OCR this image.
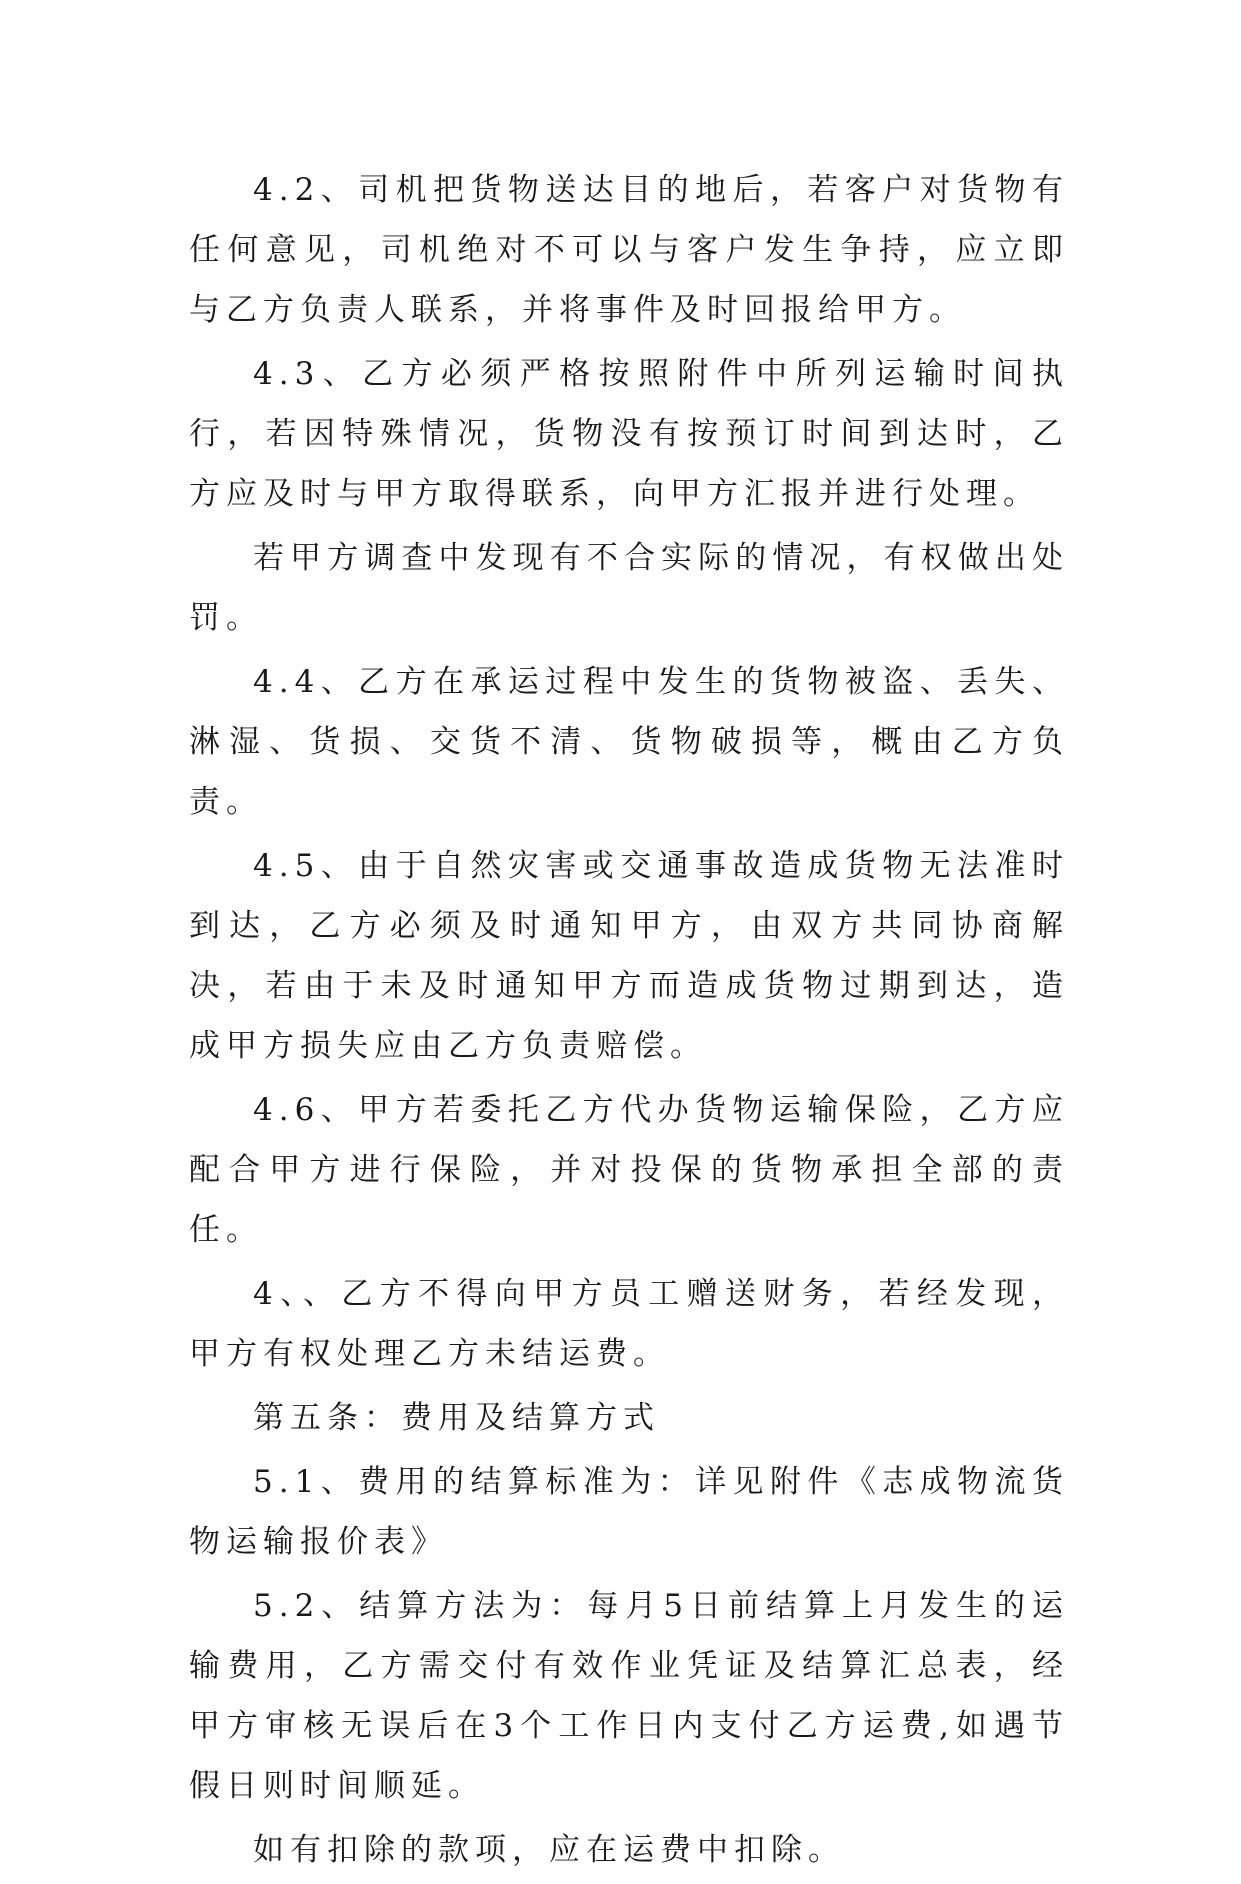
4.2、司机把货物送达目的地后，若客户对货物有任何意见，司机绝对不可以与客户发生争持，应立即与乙方负责人联系，并将事件及时回报给甲方。

4.3、乙方必须严格按照附件中所列运输时间执行，若因特殊情况，货物没有按预订时间到达时，乙方应及时与甲方取得联系，向甲方汇报并进行处理。

若甲方调查中发现有不合实际的情况，有权做出处罚。

4.4、乙方在承运过程中发生的货物被盗、丢失、淋湿、货损、交货不清、货物破损等，概由乙方负责。

4.5、由于自然灾害或交通事故造成货物无法准时到达，乙方必须及时通知甲方，由双方共同协商解决，若由于未及时通知甲方而造成货物过期到达，造成甲方损失应由乙方负责赔偿。

4.6、甲方若委托乙方代办货物运输保险，乙方应配合甲方进行保险，并对投保的货物承担全部的责任。

4、、乙方不得向甲方员工赠送财务，若经发现，甲方有权处理乙方未结运费。

第五条：费用及结算方式

5.1、费用的结算标准为：详见附件《志成物流货物运输报价表》

5.2、结算方法为：每月5日前结算上月发生的运输费用，乙方需交付有效作业凭证及结算汇总表，经甲方审核无误后在3个工作日内支付乙方运费,如遇节假日则时间顺延。

如有扣除的款项，应在运费中扣除。
